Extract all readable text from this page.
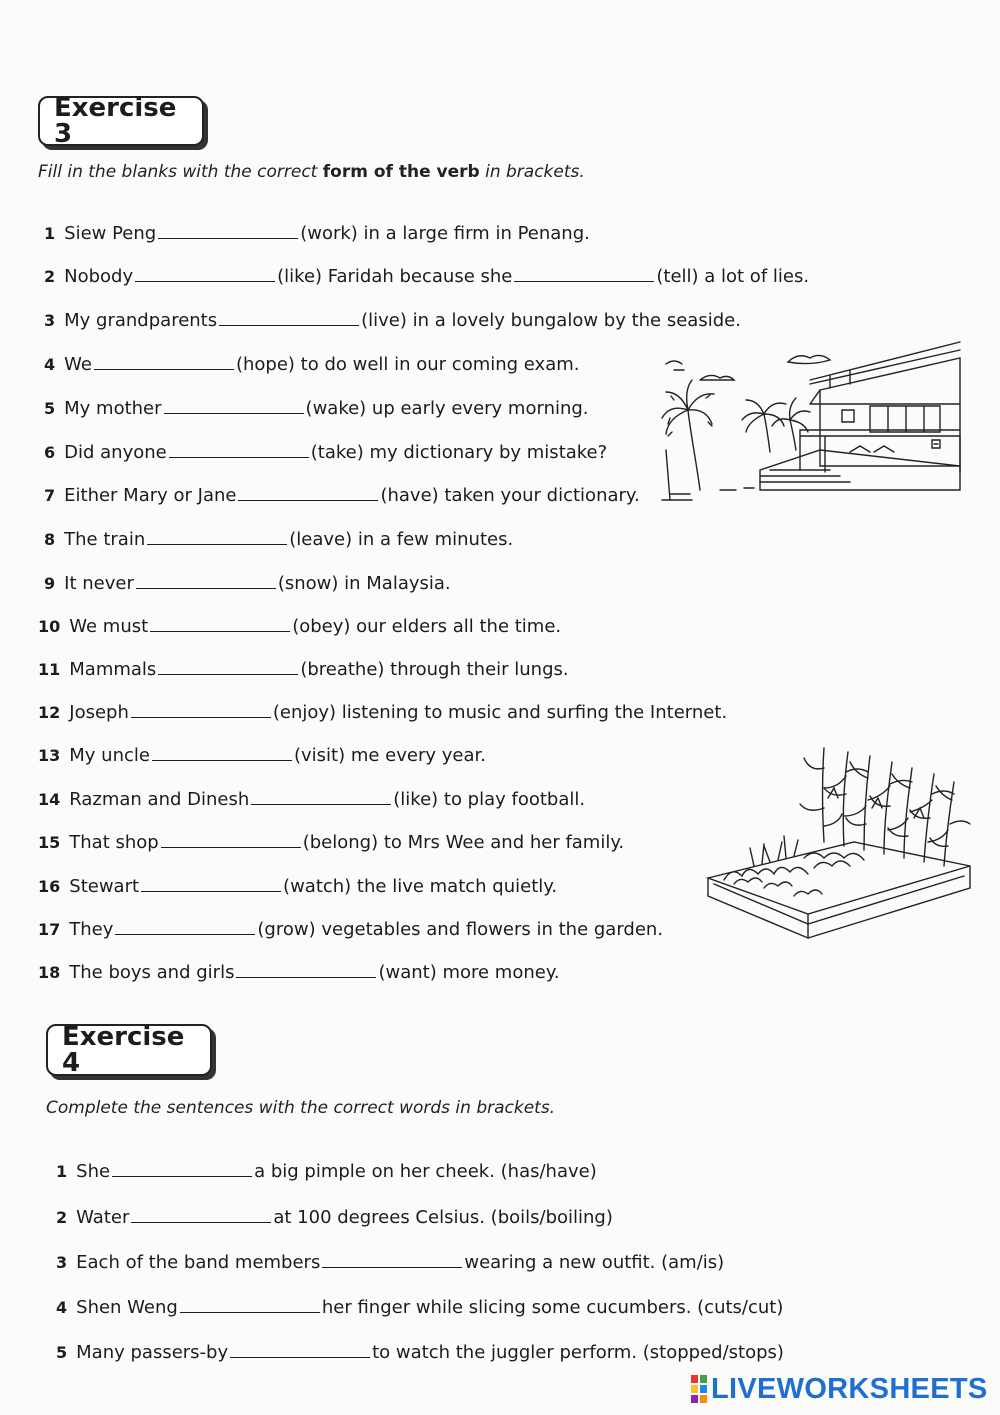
Exercise 3
Fill in the blanks with the correct form of the verb in brackets.
1 Siew Peng	(work) in a large firm in Penang.
2 Nobody	(like) Faridah because she	(tell) a lot of lies.
3 My grandparents	(live) in a lovely bungalow by the seaside.
4 We	(hope) to do well in our coming exam.
5 My mother	(wake) up early every morning.
6 Did anyone	(take) my dictionary by mistake?
7 Either Mary or Jane	(have) taken your dictionary.
8 The train	(leave) in a few minutes.
9 It never	(snow) in Malaysia.
10 We must	(obey) our elders all the time.
11 Mammals	(breathe) through their lungs.
12 Joseph	(enjoy) listening to music and surfing the Internet.
13 My uncle	(visit) me every year.
14 Razman and Dinesh	(like) to play football.
15 That shop	(belong) to Mrs Wee and her family.
16 Stewart	(watch) the live match quietly.
17 They	(grow) vegetables and flowers in the garden.
18 The boys and girls	(want) more money.
Exercise 4
Complete the sentences with the correct words in brackets.
1 She	a big pimple on her cheek. (has/have)
2 Water	at 100 degrees Celsius. (boils/boiling)
3 Each of the band members	wearing a new outfit. (am/is)
4 Shen Weng	her finger while slicing some cucumbers. (cuts/cut)
5 Many passers-by	to watch the juggler perform. (stopped/stops)
LIVEWORKSHEETS
